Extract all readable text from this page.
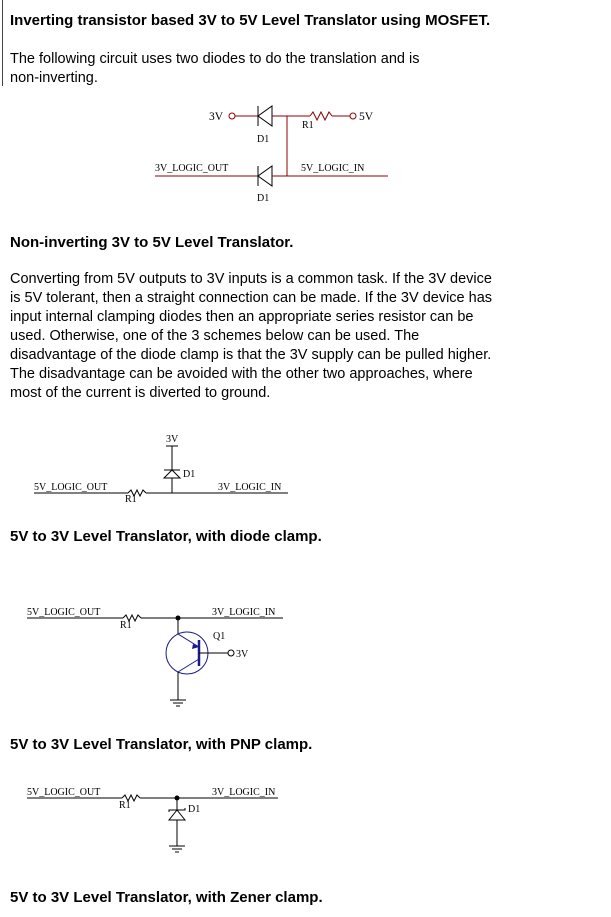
Inverting transistor based 3V to 5V Level Translator using MOSFET.
The following circuit uses two diodes to do the translation and is
non-inverting.
3V	5V
R1
D1
3V_LOGIC_OUT	5V_LOGIC_IN
D1
Non-inverting 3V to 5V Level Translator.
Converting from 5V outputs to 3V inputs is a common task. If the 3V device
is 5V tolerant, then a straight connection can be made. If the 3V device has
input internal clamping diodes then an appropriate series resistor can be
used. Otherwise, one of the 3 schemes below can be used. The
disadvantage of the diode clamp is that the 3V supply can be pulled higher.
The disadvantage can be avoided with the other two approaches, where
most of the current is diverted to ground.
3V
D1
5V_LOGIC_OUT
R1
3V_LOGIC_IN
5V to 3V Level Translator, with diode clamp.
5V_LOGIC_OUT
R1
3V_LOGIC_IN
3V
Q1
5V to 3V Level Translator, with PNP clamp.
5V_LOGIC_OUT
R1
3V_LOGIC_IN
D1
5V to 3V Level Translator, with Zener clamp.
